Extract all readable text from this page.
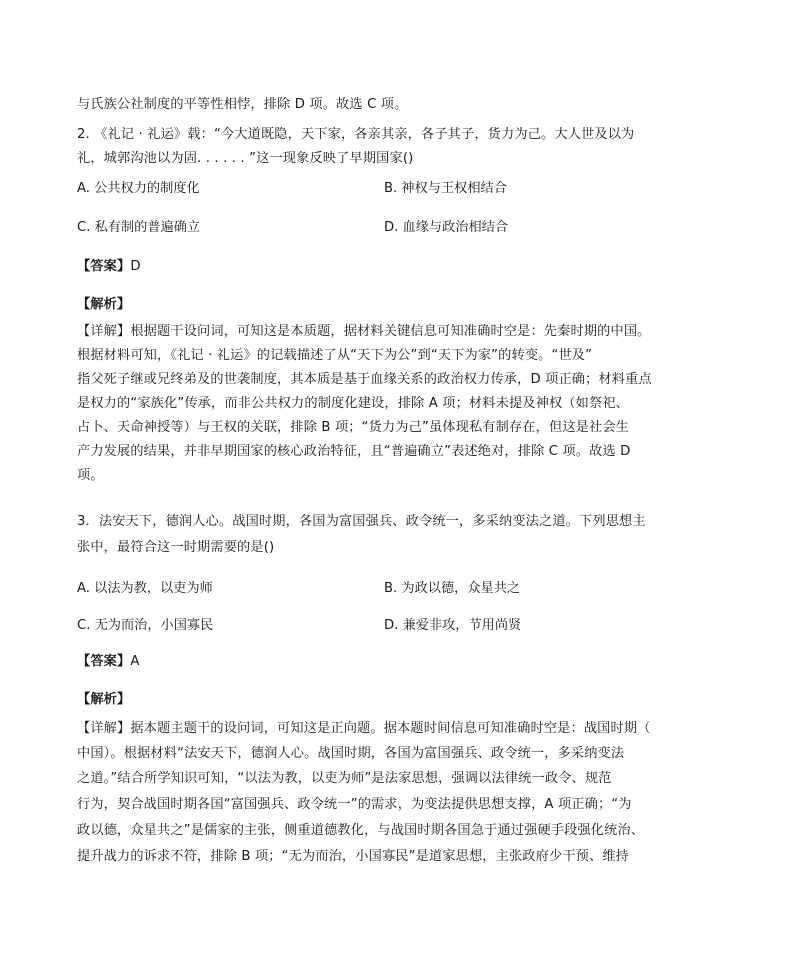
与氏族公社制度的平等性相悖，排除 D 项。故选 C 项。
2. 《礼记 · 礼运》载：“今大道既隐，天下家，各亲其亲，各子其子，货力为己。大人世及以为
礼，城郭沟池以为固. . . . . . ”这一现象反映了早期国家()
A. 公共权力的制度化	B. 神权与王权相结合
C. 私有制的普遍确立	D. 血缘与政治相结合
【答案】D
【解析】
【详解】根据题干设问词，可知这是本质题，据材料关键信息可知准确时空是：先秦时期的中国。
根据材料可知，《礼记 · 礼运》的记载描述了从“天下为公”到“天下为家”的转变。“世及”
指父死子继或兄终弟及的世袭制度，其本质是基于血缘关系的政治权力传承，D 项正确；材料重点
是权力的“家族化”传承，而非公共权力的制度化建设，排除 A 项；材料未提及神权（如祭祀、
占卜、天命神授等）与王权的关联，排除 B 项；“货力为己”虽体现私有制存在，但这是社会生
产力发展的结果，并非早期国家的核心政治特征，且“普遍确立”表述绝对，排除 C 项。故选 D
项。
3．法安天下，德润人心。战国时期，各国为富国强兵、政令统一，多采纳变法之道。下列思想主
张中，最符合这一时期需要的是()
A. 以法为教，以吏为师	B. 为政以德，众星共之
C. 无为而治，小国寡民	D. 兼爱非攻，节用尚贤
【答案】A
【解析】
【详解】据本题主题干的设问词，可知这是正向题。据本题时间信息可知准确时空是：战国时期（
中国）。根据材料“法安天下，德润人心。战国时期，各国为富国强兵、政令统一，多采纳变法
之道。”结合所学知识可知，“以法为教，以吏为师”是法家思想，强调以法律统一政令、规范
行为，契合战国时期各国“富国强兵、政令统一”的需求，为变法提供思想支撑，A 项正确；“为
政以德，众星共之”是儒家的主张，侧重道德教化，与战国时期各国急于通过强硬手段强化统治、
提升战力的诉求不符，排除 B 项；“无为而治，小国寡民”是道家思想，主张政府少干预、维持
